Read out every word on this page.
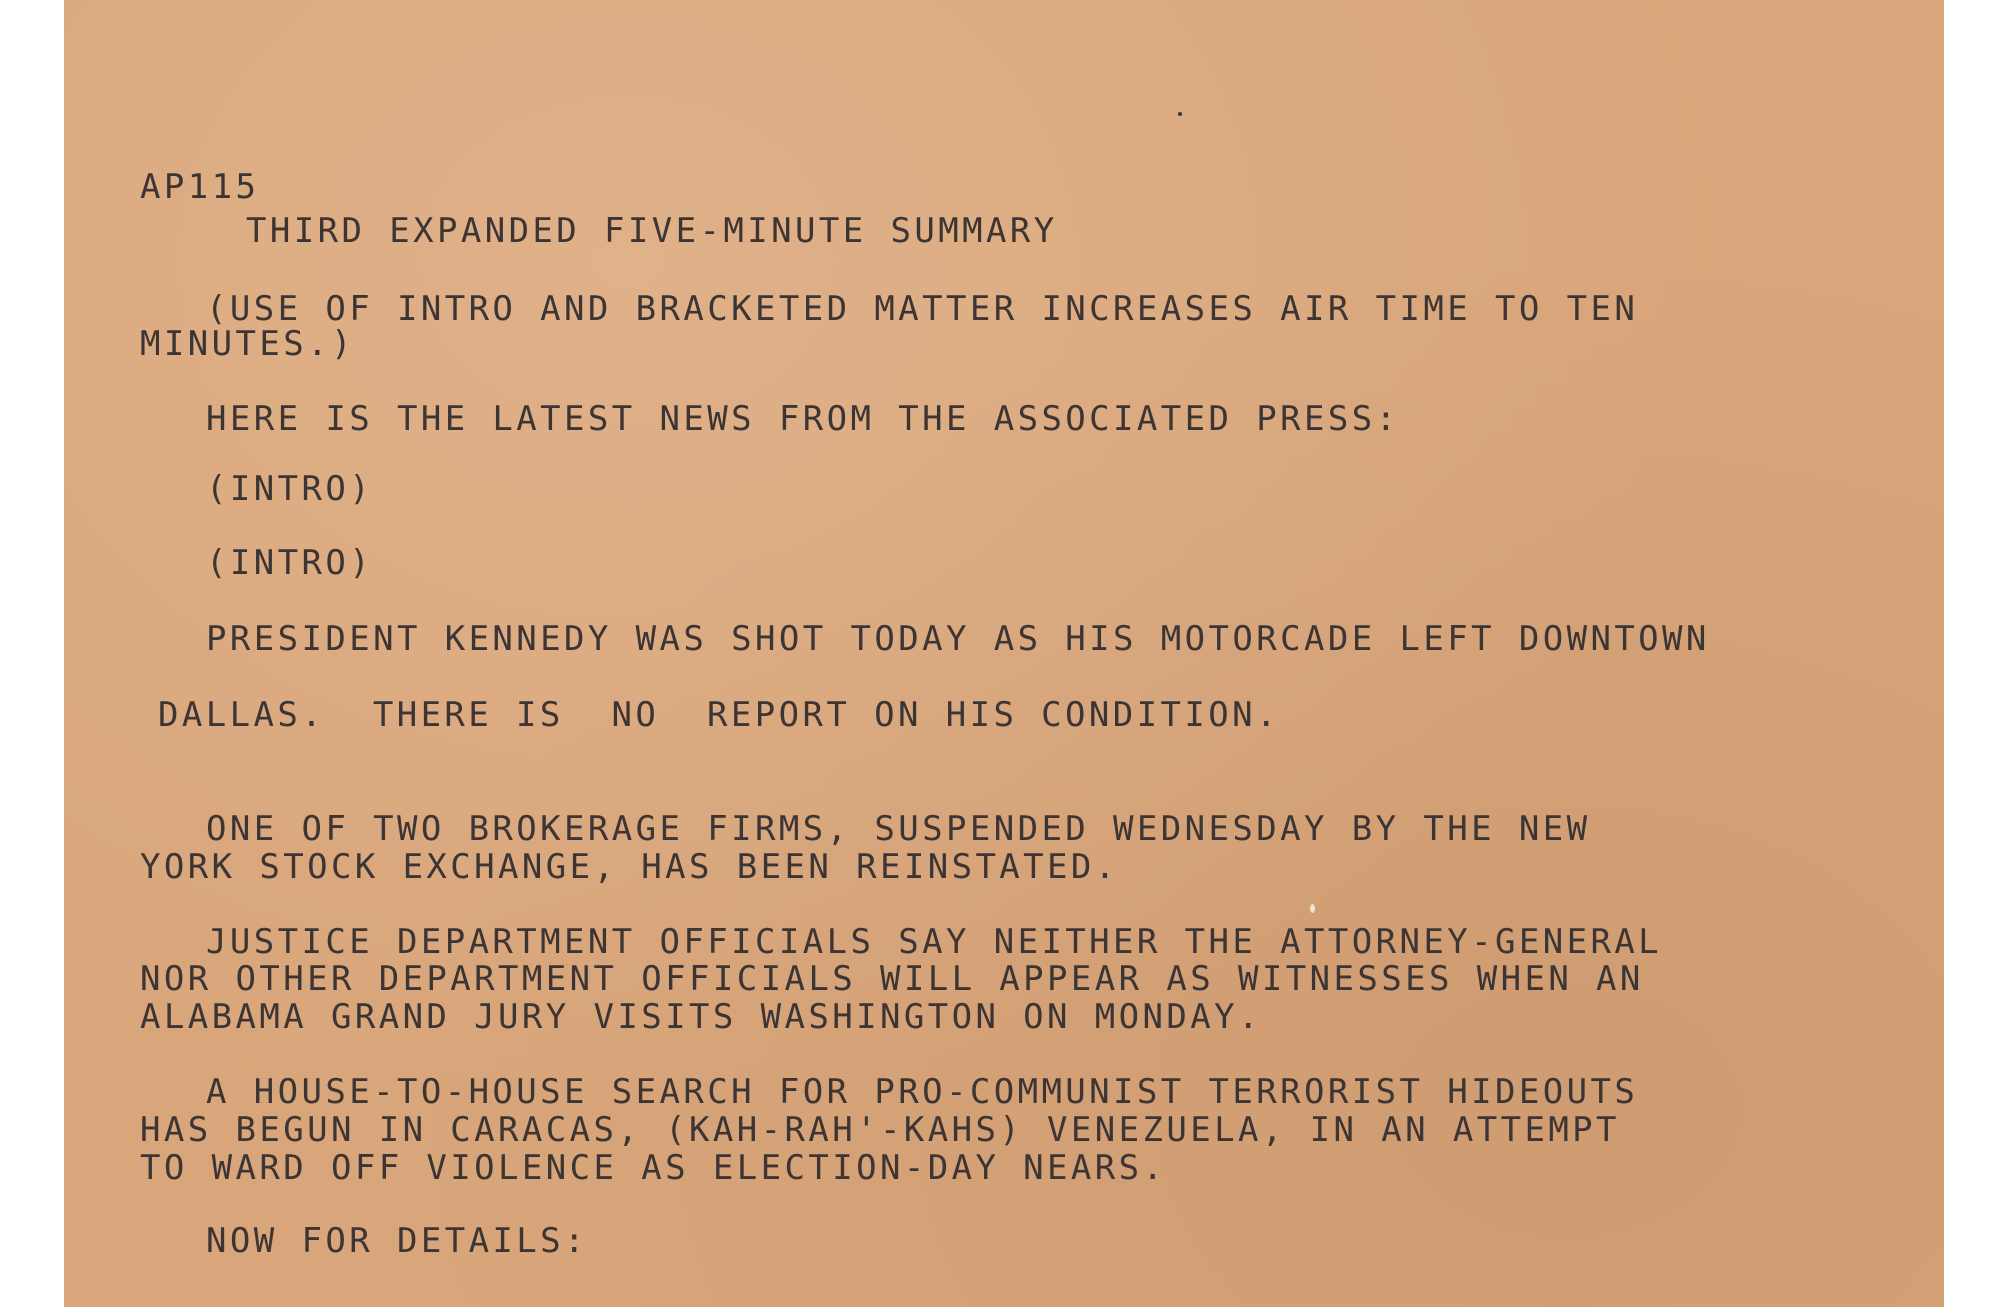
AP115

THIRD EXPANDED FIVE-MINUTE SUMMARY

(USE OF INTRO AND BRACKETED MATTER INCREASES AIR TIME TO TEN

MINUTES.)

HERE IS THE LATEST NEWS FROM THE ASSOCIATED PRESS:

(INTRO)

(INTRO)

PRESIDENT KENNEDY WAS SHOT TODAY AS HIS MOTORCADE LEFT DOWNTOWN

DALLAS.  THERE IS  NO  REPORT ON HIS CONDITION.

ONE OF TWO BROKERAGE FIRMS, SUSPENDED WEDNESDAY BY THE NEW

YORK STOCK EXCHANGE, HAS BEEN REINSTATED.

JUSTICE DEPARTMENT OFFICIALS SAY NEITHER THE ATTORNEY-GENERAL

NOR OTHER DEPARTMENT OFFICIALS WILL APPEAR AS WITNESSES WHEN AN

ALABAMA GRAND JURY VISITS WASHINGTON ON MONDAY.

A HOUSE-TO-HOUSE SEARCH FOR PRO-COMMUNIST TERRORIST HIDEOUTS

HAS BEGUN IN CARACAS, (KAH-RAH'-KAHS) VENEZUELA, IN AN ATTEMPT

TO WARD OFF VIOLENCE AS ELECTION-DAY NEARS.

NOW FOR DETAILS:
